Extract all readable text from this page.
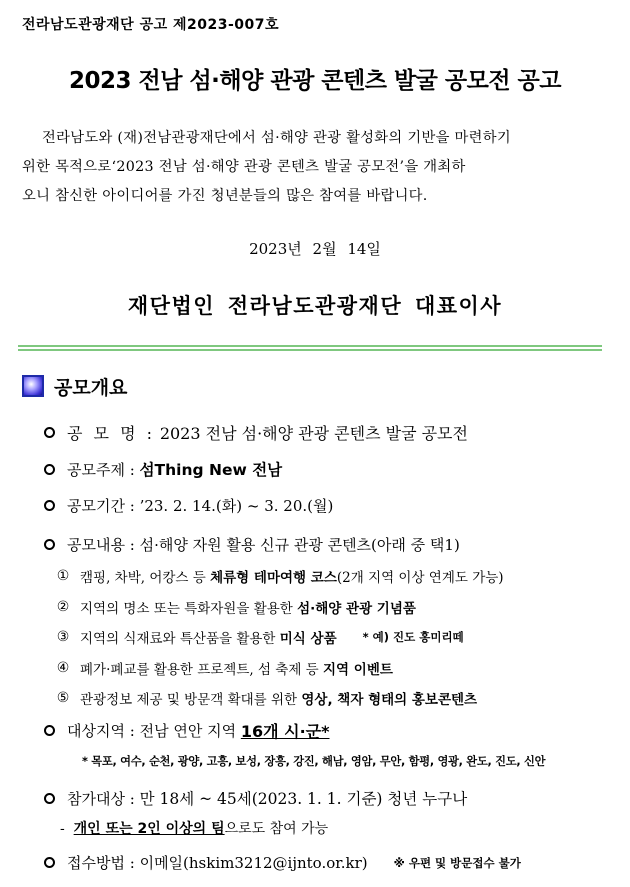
전라남도관광재단 공고 제2023-007호
2023 전남 섬·해양 관광 콘텐츠 발굴 공모전 공고
전라남도와 (재)전남관광재단에서 섬·해양 관광 활성화의 기반을 마련하기
위한 목적으로‘2023 전남 섬·해양 관광 콘텐츠 발굴 공모전’을 개최하
오니 참신한 아이디어를 가진 청년분들의 많은 참여를 바랍니다.
2023년 2월 14일
재단법인 전라남도관광재단 대표이사
공모개요
공 모 명 :
2023 전남 섬·해양 관광 콘텐츠 발굴 공모전
공모주제 :
섬Thing New 전남
공모기간 :
’23. 2. 14.(화) ~ 3. 20.(월)
공모내용 :
섬·해양 자원 활용 신규 관광 콘텐츠(아래 중 택1)
① 캠핑, 차박, 어캉스 등
체류형 테마여행 코스 (2개 지역 이상 연계도 가능)
② 지역의 명소 또는 특화자원을 활용한
섬·해양 관광 기념품
③ 지역의 식재료와 특산품을 활용한
미식 상품 * 예) 진도 홍미리떼
④ 폐가·폐교를 활용한 프로젝트, 섬 축제 등
지역 이벤트
⑤ 관광정보 제공 및 방문객 확대를 위한
영상, 책자 형태의 홍보콘텐츠
대상지역 :
전남 연안 지역
16개 시·군*
* 목포, 여수, 순천, 광양, 고흥, 보성, 장흥, 강진, 해남, 영암, 무안, 함평, 영광, 완도, 진도, 신안
참가대상 :
만 18세 ~ 45세(2023. 1. 1. 기준) 청년 누구나
- 개인 또는 2인 이상의 팀으로도 참여 가능
접수방법 :
이메일(hskim3212@ijnto.or.kr) ※ 우편 및 방문접수 불가
